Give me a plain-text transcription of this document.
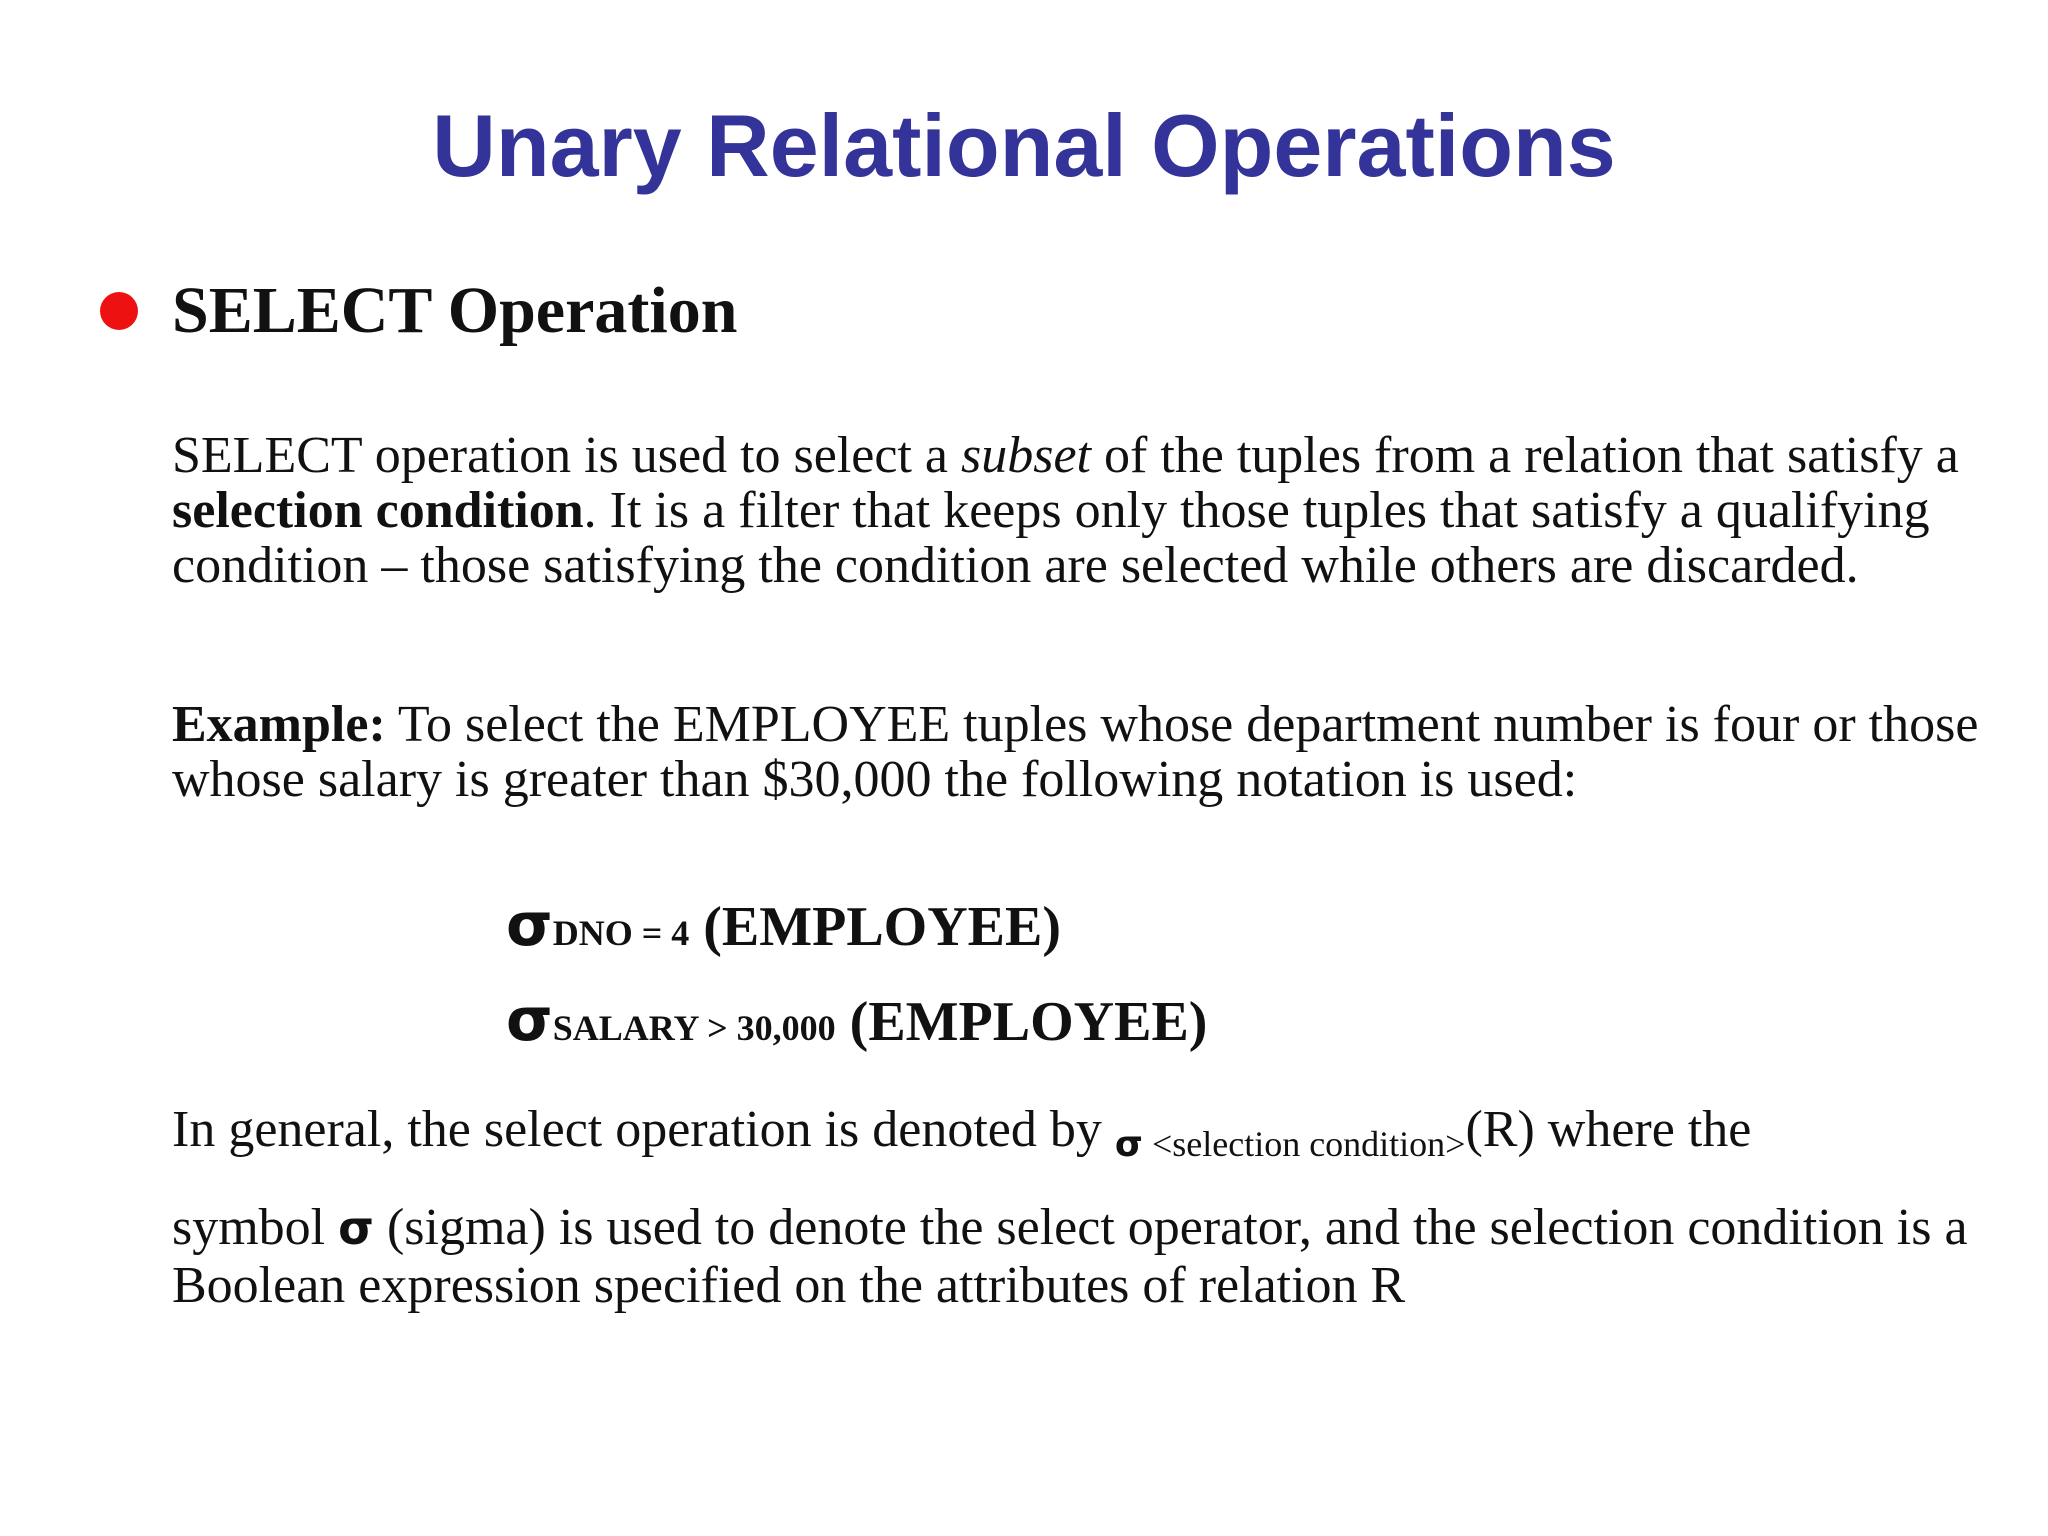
Unary Relational Operations
SELECT Operation

SELECT operation is used to select a subset of the tuples from a relation that satisfy a selection condition. It is a filter that keeps only those tuples that satisfy a qualifying condition – those satisfying the condition are selected while others are discarded.

Example: To select the EMPLOYEE tuples whose department number is four or those whose salary is greater than $30,000 the following notation is used:

σDNO = 4 (EMPLOYEE)
σSALARY > 30,000 (EMPLOYEE)

In general, the select operation is denoted by σ <selection condition>(R) where the
symbol σ (sigma) is used to denote the select operator, and the selection condition is a Boolean expression specified on the attributes of relation R
